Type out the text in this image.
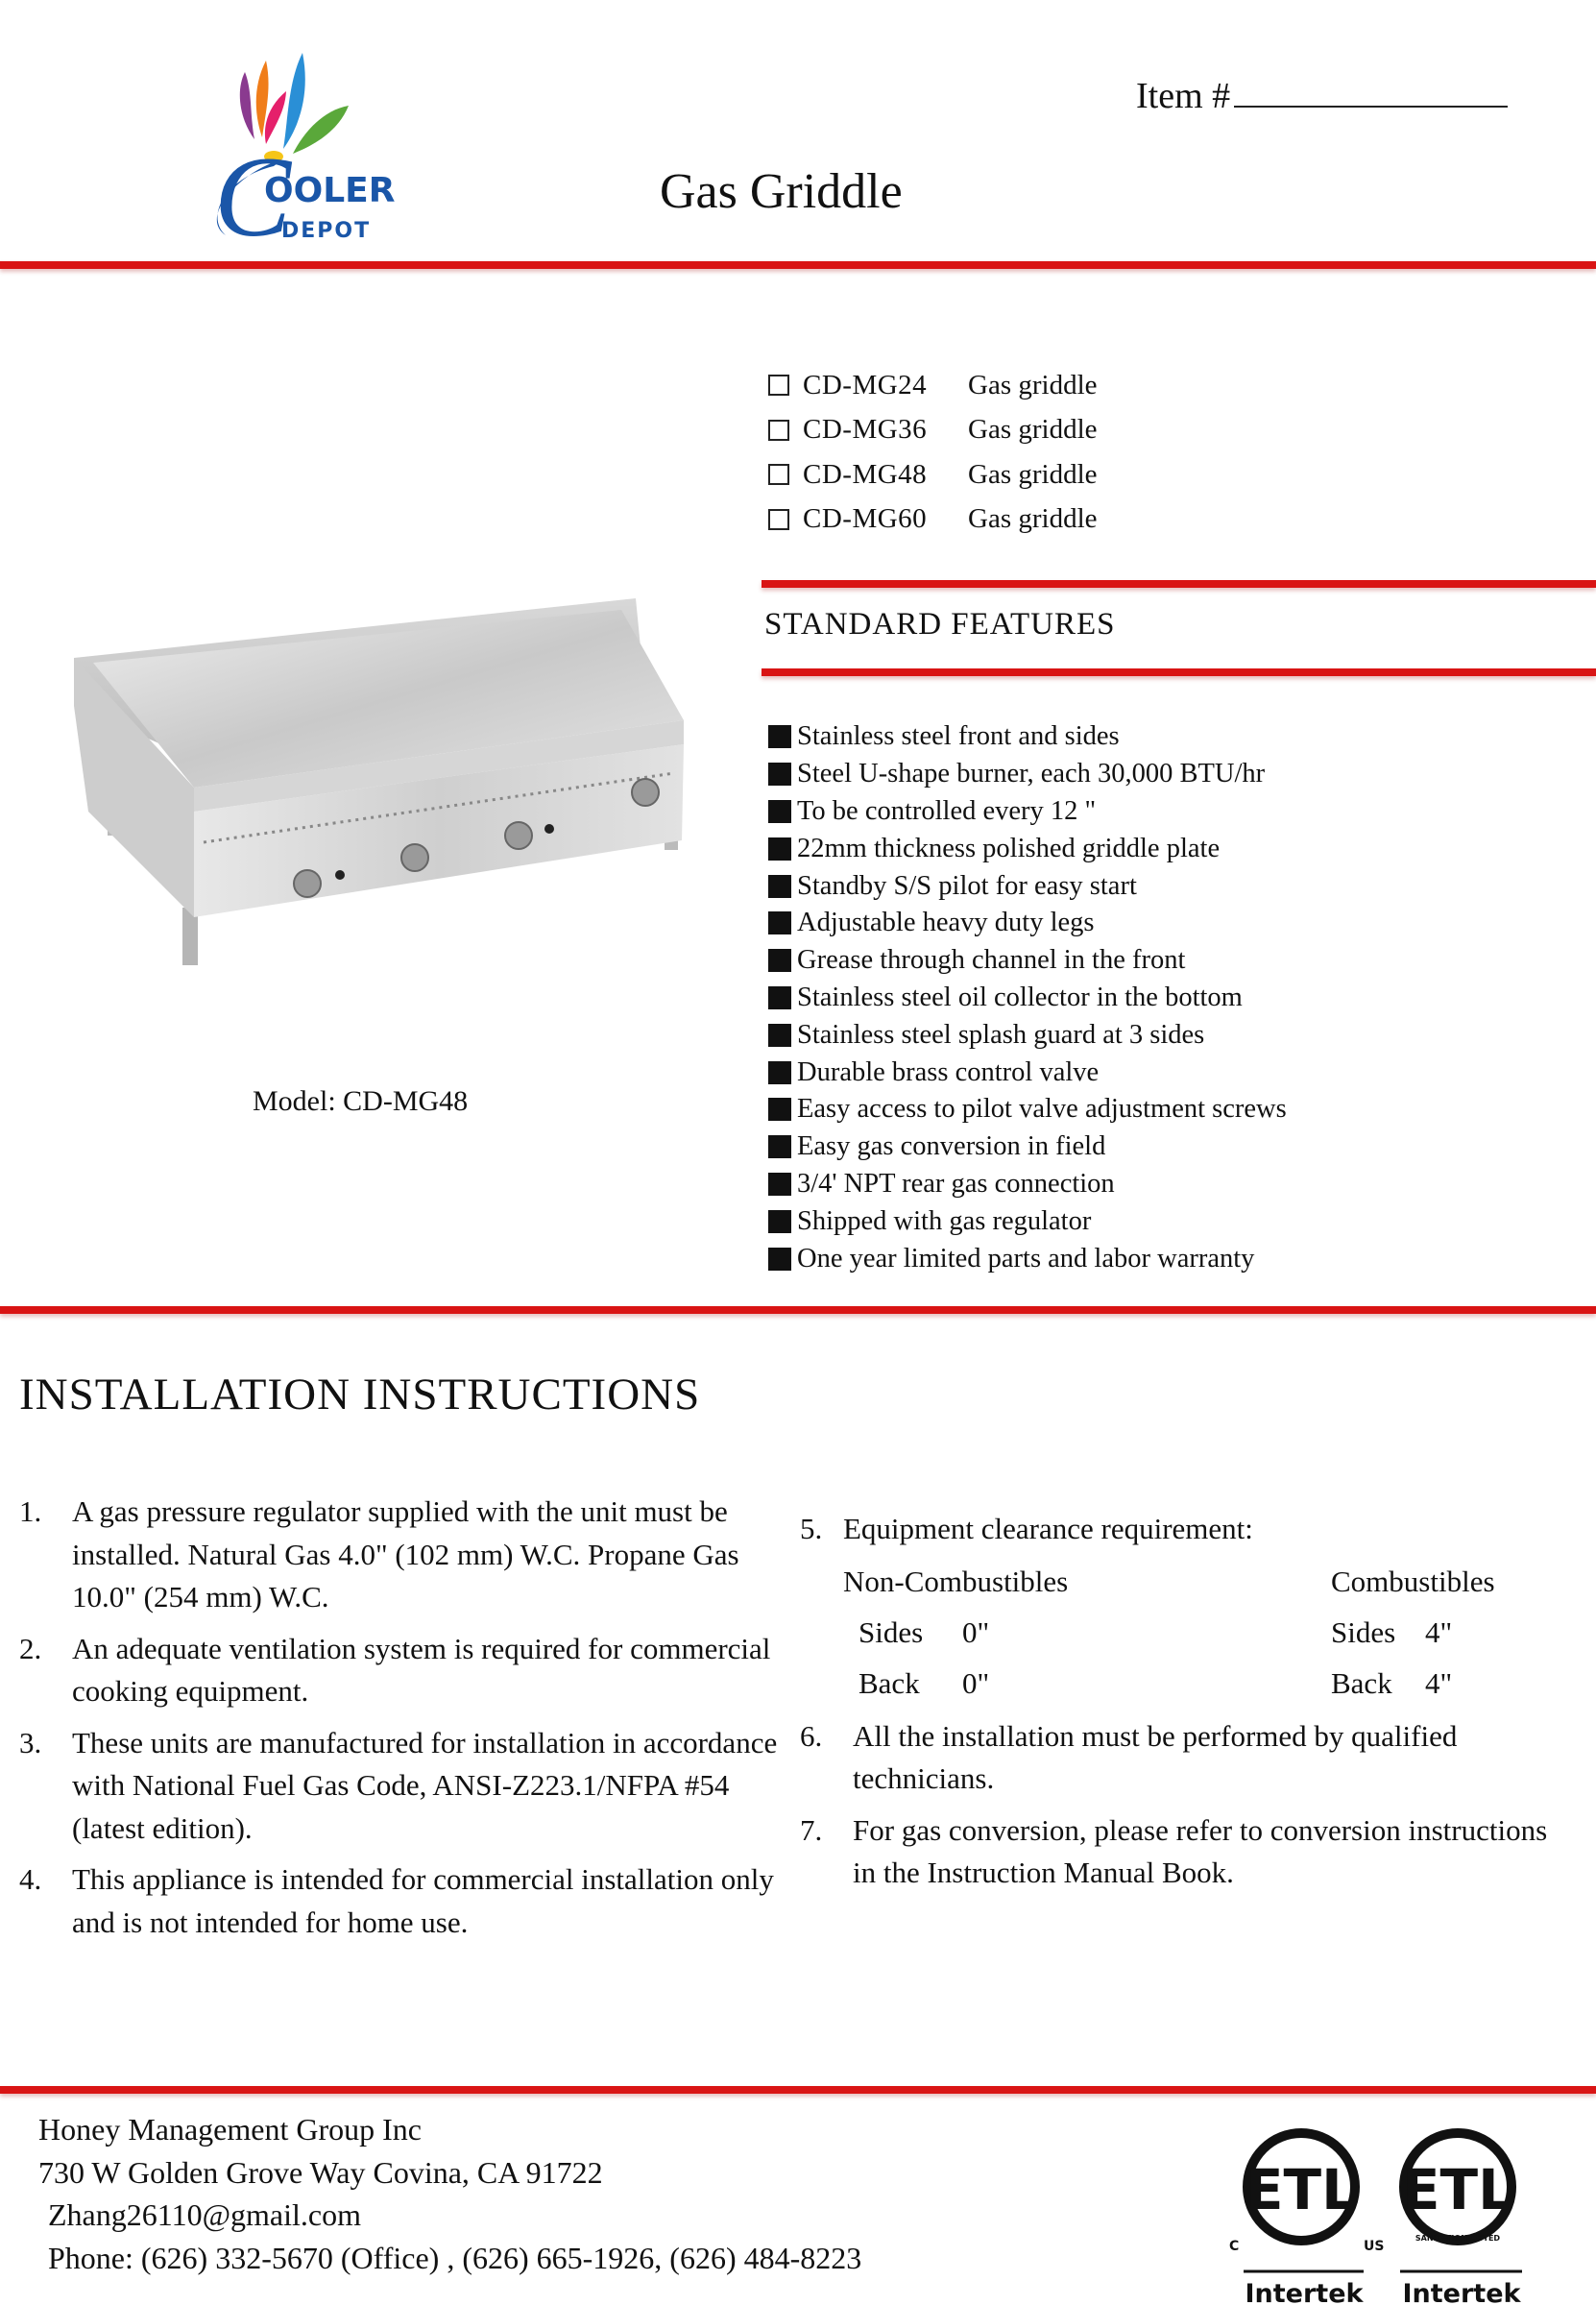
C
OOLER
DEPOT
Item #
Gas Griddle
CD-MG24	Gas griddle
CD-MG36	Gas griddle
CD-MG48	Gas griddle
CD-MG60	Gas griddle
STANDARD FEATURES
Stainless steel front and sides
Steel U-shape burner, each 30,000 BTU/hr
To be controlled every 12 "
22mm thickness polished griddle plate
Standby S/S pilot for easy start
Adjustable heavy duty legs
Grease through channel in the front
Stainless steel oil collector in the bottom
Stainless steel splash guard at 3 sides
Durable brass control valve
Easy access to pilot valve adjustment screws
Easy gas conversion in field
3/4' NPT rear gas connection
Shipped with gas regulator
One year limited parts and labor warranty
Model: CD-MG48
INSTALLATION INSTRUCTIONS
1.	A gas pressure regulator supplied with the unit must be installed. Natural Gas 4.0" (102 mm) W.C. Propane Gas 10.0" (254 mm) W.C.
2.	An adequate ventilation system is required for commercial cooking equipment.
3.	These units are manufactured for installation in accordance with National Fuel Gas Code, ANSI-Z223.1/NFPA #54 (latest edition).
4.	This appliance is intended for commercial installation only and is not intended for home use.
5. Equipment clearance requirement:
Non-Combustibles	Combustibles
Sides 0"	Sides 4"
Back 0"	Back 4"
6.	All the installation must be performed by qualified technicians.
7.	For gas conversion, please refer to conversion instructions in the Instruction Manual Book.
Honey Management Group Inc
730 W Golden Grove Way Covina, CA 91722
Zhang26110@gmail.com
Phone: (626) 332-5670 (Office) , (626) 665-1926, (626) 484-8223
ETL
LISTED
C	US
Intertek
ETL
SANITATION LISTED
Intertek
